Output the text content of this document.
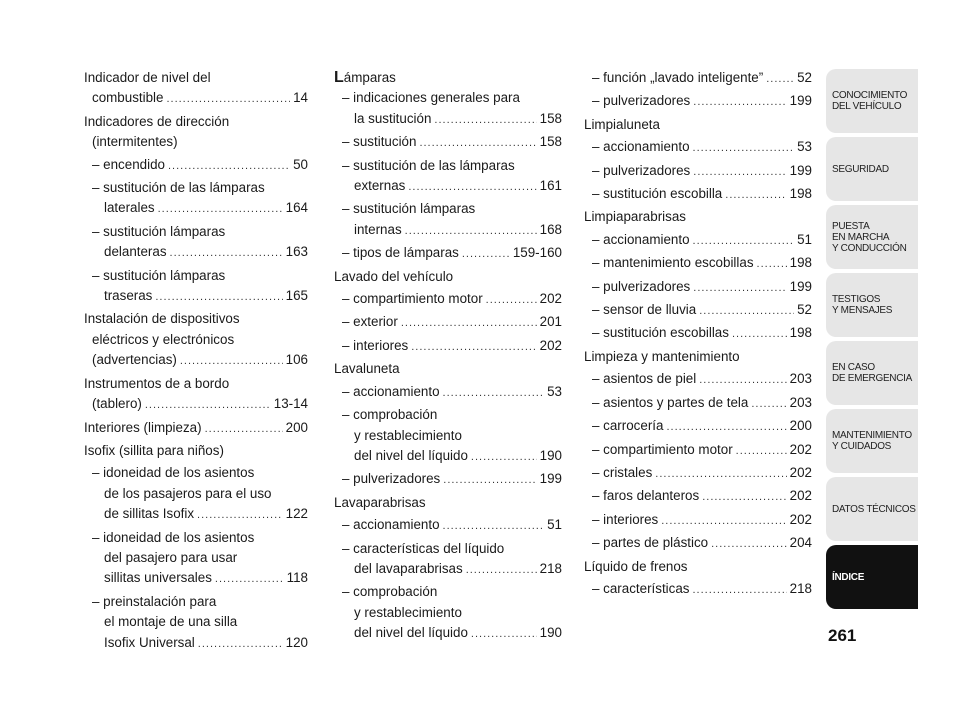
Indicador de nivel del
combustible .....	14
Indicadores de dirección
(intermitentes)
– encendido .....	50
– sustitución de las lámparas
laterales .....	164
– sustitución lámparas
delanteras .....	163
– sustitución lámparas
traseras .....	165
Instalación de dispositivos
eléctricos y electrónicos
(advertencias) .....	106
Instrumentos de a bordo
(tablero) .....	13-14
Interiores (limpieza) .....	200
Isofix (sillita para niños)
– idoneidad de los asientos
de los pasajeros para el uso
de sillitas Isofix .....	122
– idoneidad de los asientos
del pasajero para usar
sillitas universales .....	118
– preinstalación para
el montaje de una silla
Isofix Universal .....	120
Lámparas
– indicaciones generales para
la sustitución .....	158
– sustitución .....	158
– sustitución de las lámparas
externas .....	161
– sustitución lámparas
internas .....	168
– tipos de lámparas .....	159-160
Lavado del vehículo
– compartimiento motor .....	202
– exterior .....	201
– interiores .....	202
Lavaluneta
– accionamiento .....	53
– comprobación
y restablecimiento
del nivel del líquido .....	190
– pulverizadores .....	199
Lavaparabrisas
– accionamiento .....	51
– características del líquido
del lavaparabrisas .....	218
– comprobación
y restablecimiento
del nivel del líquido .....	190
– función „lavado inteligente” .....	52
– pulverizadores .....	199
Limpialuneta
– accionamiento .....	53
– pulverizadores .....	199
– sustitución escobilla .....	198
Limpiaparabrisas
– accionamiento .....	51
– mantenimiento escobillas .....	198
– pulverizadores .....	199
– sensor de lluvia .....	52
– sustitución escobillas .....	198
Limpieza y mantenimiento
– asientos de piel .....	203
– asientos y partes de tela .....	203
– carrocería .....	200
– compartimiento motor .....	202
– cristales .....	202
– faros delanteros .....	202
– interiores .....	202
– partes de plástico .....	204
Líquido de frenos
– características .....	218
CONOCIMIENTO
DEL VEHÍCULO
SEGURIDAD
PUESTA
EN MARCHA
Y CONDUCCIÓN
TESTIGOS
Y MENSAJES
EN CASO
DE EMERGENCIA
MANTENIMIENTO
Y CUIDADOS
DATOS TÉCNICOS
ÍNDICE
261
